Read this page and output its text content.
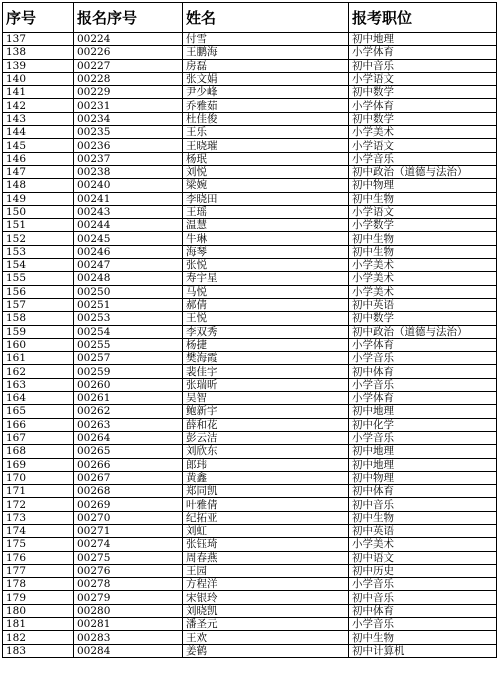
序号	报名序号	姓名	报考职位
137	00224	付雪	初中地理
138	00226	王鹏海	小学体育
139	00227	房磊	初中音乐
140	00228	张文娟	小学语文
141	00229	尹少峰	初中数学
142	00231	乔雅茹	小学体育
143	00234	杜佳俊	初中数学
144	00235	王乐	小学美术
145	00236	王晓璀	小学语文
146	00237	杨珉	小学音乐
147	00238	刘悦	初中政治（道德与法治）
148	00240	梁婉	初中物理
149	00241	李晓田	初中生物
150	00243	王瑶	小学语文
151	00244	温慧	小学数学
152	00245	牛琳	初中生物
153	00246	海琴	初中生物
154	00247	张悦	小学美术
155	00248	寿宇星	小学美术
156	00250	马悦	小学美术
157	00251	郝倩	初中英语
158	00253	王悦	初中数学
159	00254	李双秀	初中政治（道德与法治）
160	00255	杨捷	小学体育
161	00257	樊海霞	小学音乐
162	00259	裴佳宇	初中体育
163	00260	张瑞昕	小学音乐
164	00261	吴智	小学体育
165	00262	鲍新宇	初中地理
166	00263	薛和花	初中化学
167	00264	彭云洁	小学音乐
168	00265	刘欣东	初中地理
169	00266	郎玮	初中地理
170	00267	黄鑫	初中物理
171	00268	郑同凯	初中体育
172	00269	叶雅倩	初中音乐
173	00270	纪拓亚	初中生物
174	00271	刘虹	初中英语
175	00274	张钰琦	小学美术
176	00275	周春燕	初中语文
177	00276	王园	初中历史
178	00278	方程洋	小学音乐
179	00279	宋银玲	初中音乐
180	00280	刘晓凯	初中体育
181	00281	潘圣元	小学音乐
182	00283	王欢	初中生物
183	00284	姜鹤	初中计算机
